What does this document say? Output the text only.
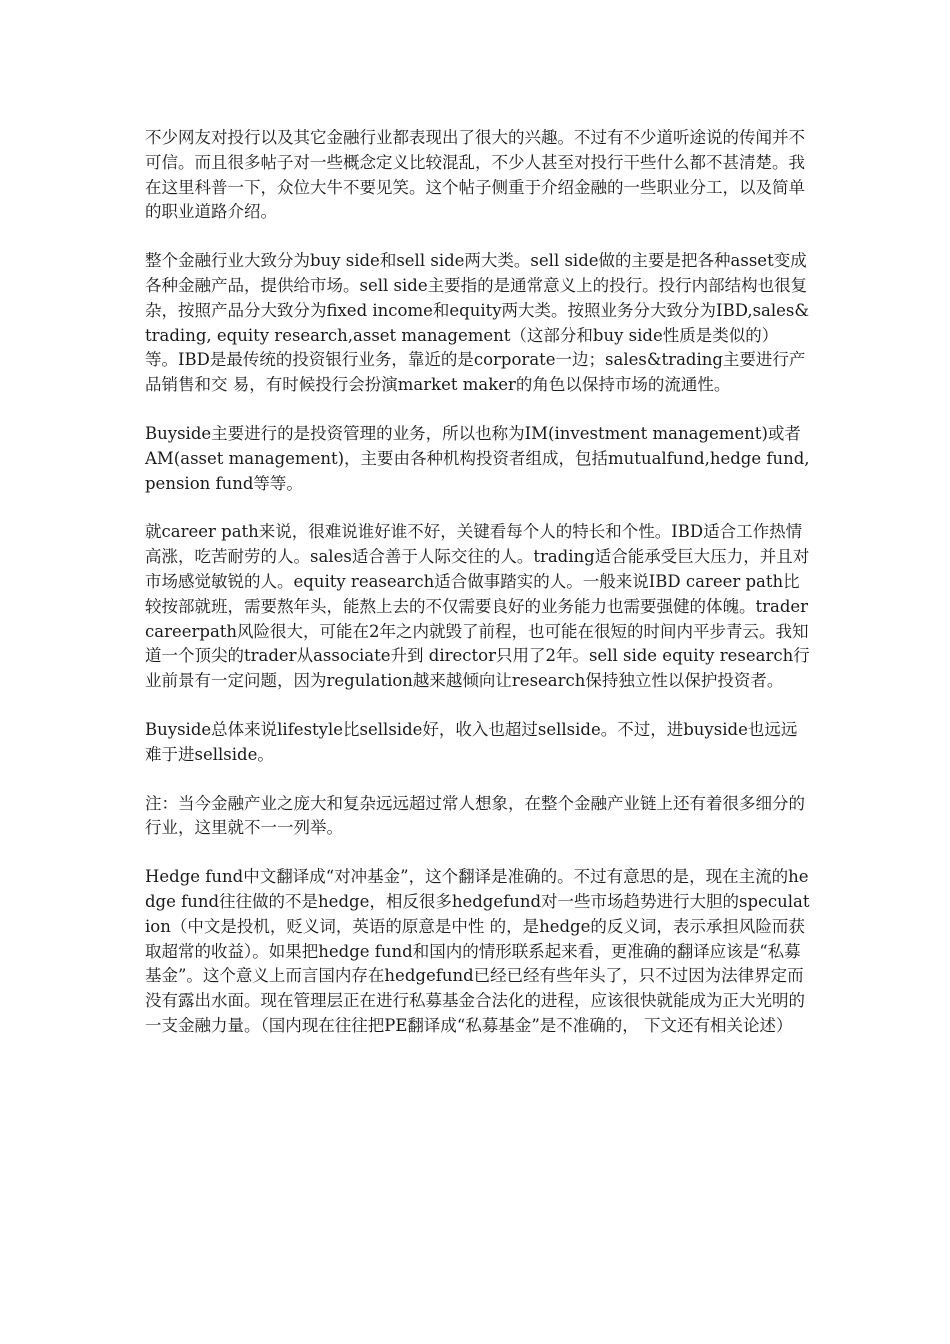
不少网友对投行以及其它金融行业都表现出了很大的兴趣。不过有不少道听途说的传闻并不可信。而且很多帖子对一些概念定义比较混乱，不少人甚至对投行干些什么都不甚清楚。我在这里科普一下，众位大牛不要见笑。这个帖子侧重于介绍金融的一些职业分工，以及简单的职业道路介绍。

整个金融行业大致分为buy side和sell side两大类。sell side做的主要是把各种asset变成各种金融产品，提供给市场。sell side主要指的是通常意义上的投行。投行内部结构也很复杂，按照产品分大致分为fixed income和equity两大类。按照业务分大致分为IBD,sales&trading, equity research,asset management（这部分和buy side性质是类似的）等。IBD是最传统的投资银行业务，靠近的是corporate一边；sales&trading主要进行产品销售和交 易，有时候投行会扮演market maker的角色以保持市场的流通性。

Buyside主要进行的是投资管理的业务，所以也称为IM(investment management)或者AM(asset management)，主要由各种机构投资者组成，包括mutualfund,hedge fund,pension fund等等。

就career path来说，很难说谁好谁不好，关键看每个人的特长和个性。IBD适合工作热情高涨，吃苦耐劳的人。sales适合善于人际交往的人。trading适合能承受巨大压力，并且对市场感觉敏锐的人。equity reasearch适合做事踏实的人。一般来说IBD career path比较按部就班，需要熬年头，能熬上去的不仅需要良好的业务能力也需要强健的体魄。trader careerpath风险很大，可能在2年之内就毁了前程，也可能在很短的时间内平步青云。我知道一个顶尖的trader从associate升到 director只用了2年。sell side equity research行业前景有一定问题，因为regulation越来越倾向让research保持独立性以保护投资者。

Buyside总体来说lifestyle比sellside好，收入也超过sellside。不过，进buyside也远远难于进sellside。

注：当今金融产业之庞大和复杂远远超过常人想象，在整个金融产业链上还有着很多细分的行业，这里就不一一列举。

Hedge fund中文翻译成“对冲基金”，这个翻译是准确的。不过有意思的是，现在主流的hedge fund往往做的不是hedge，相反很多hedgefund对一些市场趋势进行大胆的speculation（中文是投机，贬义词，英语的原意是中性 的，是hedge的反义词，表示承担风险而获取超常的收益）。如果把hedge fund和国内的情形联系起来看，更准确的翻译应该是“私募基金”。这个意义上而言国内存在hedgefund已经已经有些年头了，只不过因为法律界定而 没有露出水面。现在管理层正在进行私募基金合法化的进程，应该很快就能成为正大光明的一支金融力量。（国内现在往往把PE翻译成“私募基金”是不准确的， 下文还有相关论述）
